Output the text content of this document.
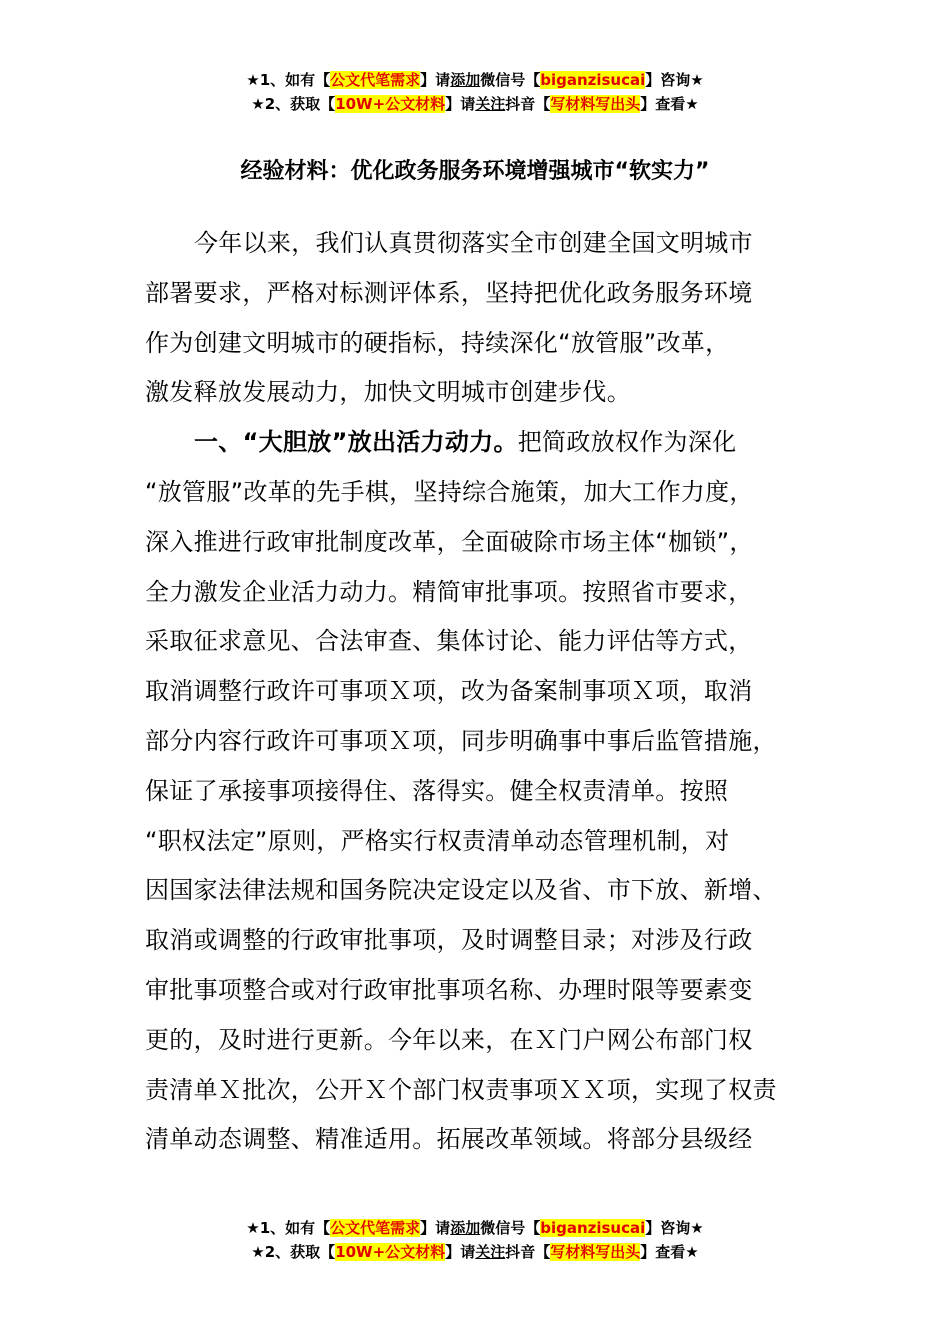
★1、如有【公文代笔需求】请添加微信号【biganzisucai】咨询★
★2、获取【10W+公文材料】请关注抖音【写材料写出头】查看★
经验材料：优化政务服务环境增强城市“软实力”
今年以来，我们认真贯彻落实全市创建全国文明城市
部署要求，严格对标测评体系，坚持把优化政务服务环境
作为创建文明城市的硬指标，持续深化“放管服”改革，
激发释放发展动力，加快文明城市创建步伐。
一、“大胆放”放出活力动力。把简政放权作为深化
“放管服”改革的先手棋，坚持综合施策，加大工作力度，
深入推进行政审批制度改革，全面破除市场主体“枷锁”，
全力激发企业活力动力。精简审批事项。按照省市要求，
采取征求意见、合法审查、集体讨论、能力评估等方式，
取消调整行政许可事项Ｘ项，改为备案制事项Ｘ项，取消
部分内容行政许可事项Ｘ项，同步明确事中事后监管措施，
保证了承接事项接得住、落得实。健全权责清单。按照
“职权法定”原则，严格实行权责清单动态管理机制，对
因国家法律法规和国务院决定设定以及省、市下放、新增、
取消或调整的行政审批事项，及时调整目录；对涉及行政
审批事项整合或对行政审批事项名称、办理时限等要素变
更的，及时进行更新。今年以来，在Ｘ门户网公布部门权
责清单Ｘ批次，公开Ｘ个部门权责事项ＸＸ项，实现了权责
清单动态调整、精准适用。拓展改革领域。将部分县级经
★1、如有【公文代笔需求】请添加微信号【biganzisucai】咨询★
★2、获取【10W+公文材料】请关注抖音【写材料写出头】查看★
